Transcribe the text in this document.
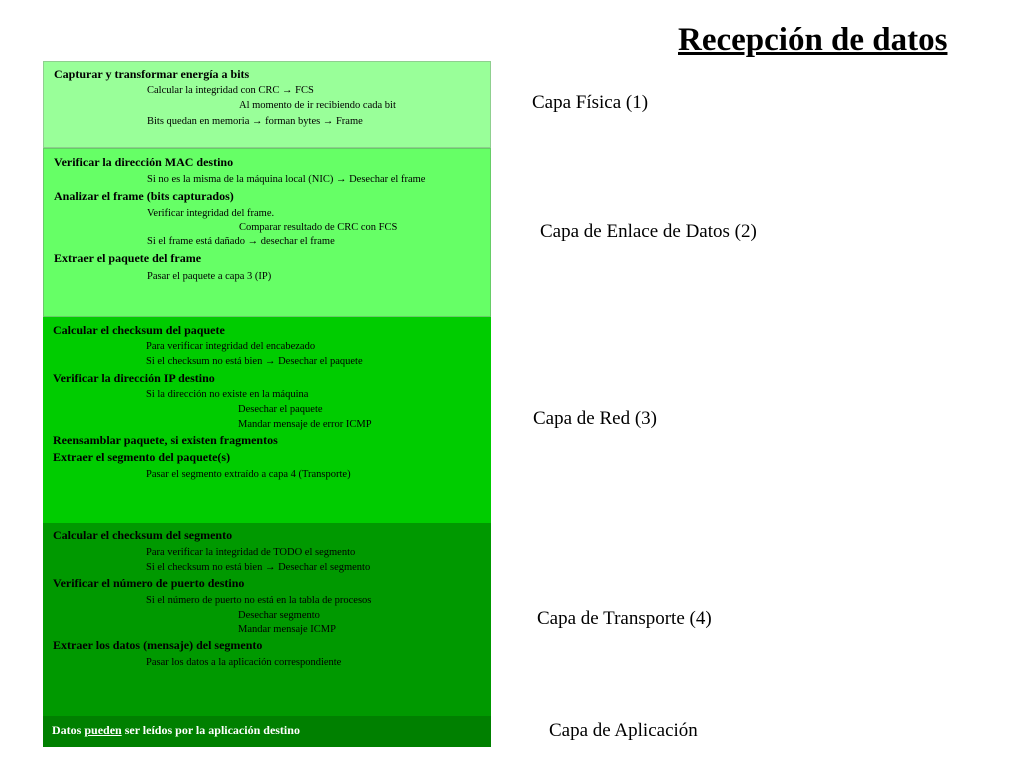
Recepción de datos
Capturar y transformar energía a bits
Calcular la integridad con CRC → FCS
Al momento de ir recibiendo cada bit
Bits quedan en memoria → forman bytes → Frame
Verificar la dirección MAC destino
Si no es la misma de la máquina local (NIC) → Desechar el frame
Analizar el frame (bits capturados)
Verificar integridad del frame.
Comparar resultado de CRC con FCS
Si el frame está dañado → desechar el frame
Extraer el paquete del frame
Pasar el paquete a capa 3 (IP)
Calcular el checksum del paquete
Para verificar integridad del encabezado
Si el checksum no está bien → Desechar el paquete
Verificar la dirección IP destino
Si la dirección no existe en la máquina
Desechar el paquete
Mandar mensaje de error ICMP
Reensamblar paquete, si existen fragmentos
Extraer el segmento del paquete(s)
Pasar el segmento extraído a capa 4 (Transporte)
Calcular el checksum del segmento
Para verificar la integridad de TODO el segmento
Si el checksum no está bien → Desechar el segmento
Verificar el número de puerto destino
Si el número de puerto no está en la tabla de procesos
Desechar segmento
Mandar mensaje ICMP
Extraer los datos (mensaje) del segmento
Pasar los datos a la aplicación correspondiente
Datos pueden ser leídos por la aplicación destino
Capa Física (1)
Capa de Enlace de Datos (2)
Capa de Red (3)
Capa de Transporte (4)
Capa de Aplicación
